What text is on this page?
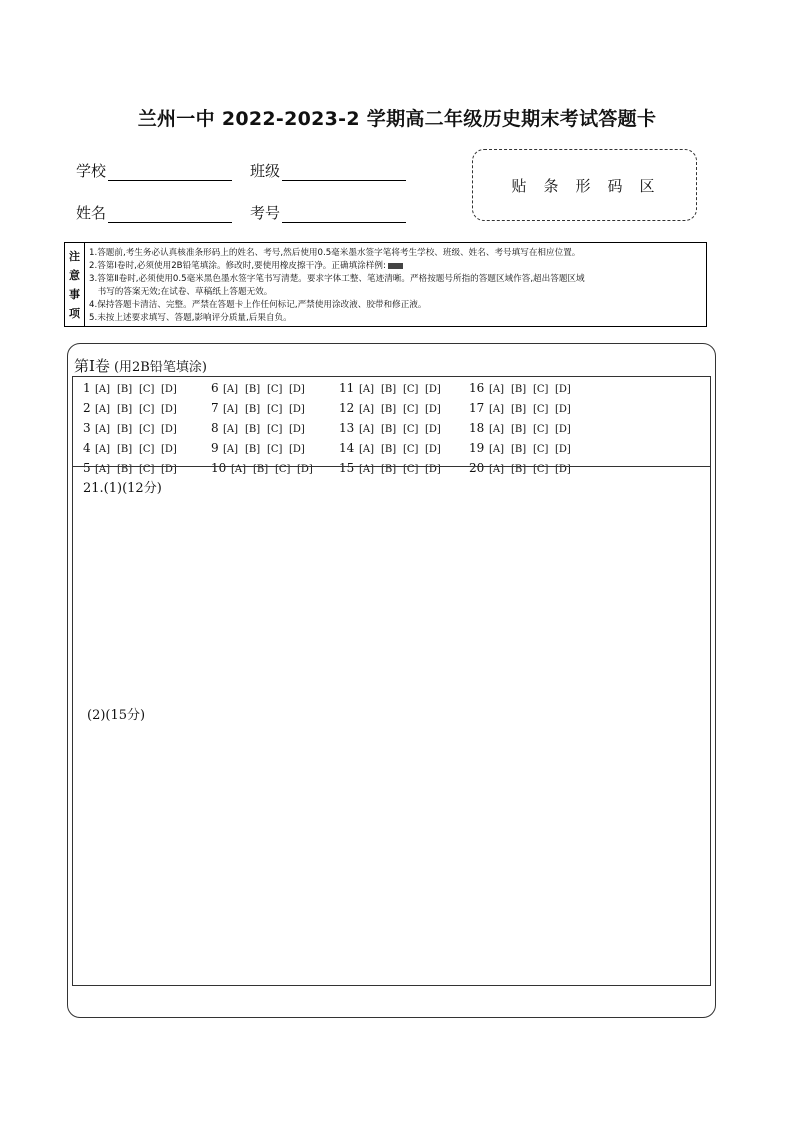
兰州一中 2022-2023-2 学期高二年级历史期末考试答题卡
学校	班级
姓名	考号
贴条形码区
注
意
事
项
1.答题前,考生务必认真核准条形码上的姓名、考号,然后使用0.5毫米墨水签字笔将考生学校、班级、姓名、考号填写在相应位置。
2.答第Ⅰ卷时,必须使用2B铅笔填涂。修改时,要使用橡皮擦干净。正确填涂样例:
3.答第Ⅱ卷时,必须使用0.5毫米黑色墨水签字笔书写清楚。要求字体工整、笔迹清晰。严格按题号所指的答题区域作答,超出答题区域
　书写的答案无效;在试卷、草稿纸上答题无效。
4.保持答题卡清洁、完整。严禁在答题卡上作任何标记,严禁使用涂改液、胶带和修正液。
5.未按上述要求填写、答题,影响评分质量,后果自负。
第Ⅰ卷 (用2B铅笔填涂)
1 [A] [B] [C] [D]
2 [A] [B] [C] [D]
3 [A] [B] [C] [D]
4 [A] [B] [C] [D]
5 [A] [B] [C] [D]
6 [A] [B] [C] [D]
7 [A] [B] [C] [D]
8 [A] [B] [C] [D]
9 [A] [B] [C] [D]
10 [A] [B] [C] [D]
11 [A] [B] [C] [D]
12 [A] [B] [C] [D]
13 [A] [B] [C] [D]
14 [A] [B] [C] [D]
15 [A] [B] [C] [D]
16 [A] [B] [C] [D]
17 [A] [B] [C] [D]
18 [A] [B] [C] [D]
19 [A] [B] [C] [D]
20 [A] [B] [C] [D]
21.(1)(12分)
(2)(15分)
